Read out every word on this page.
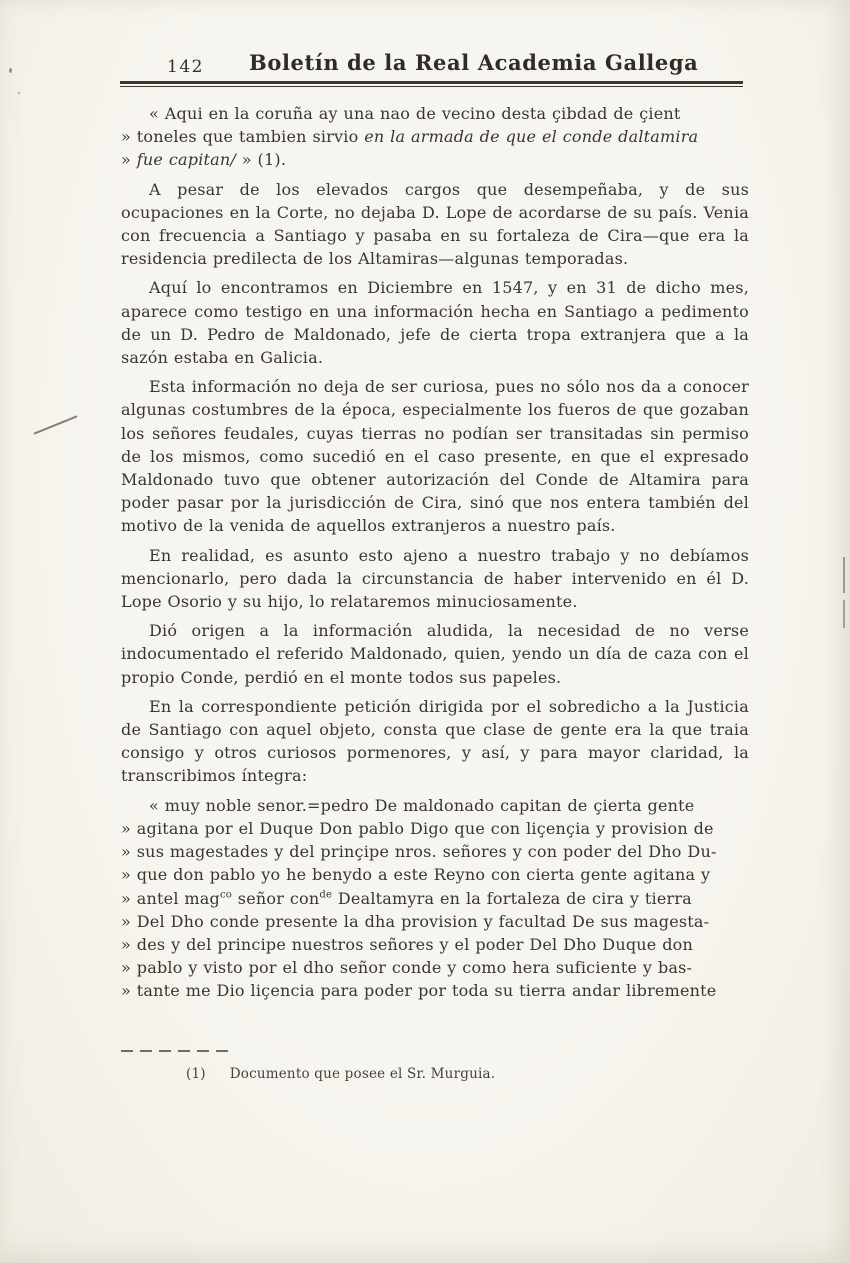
142 Boletín de la Real Academia Gallega
« Aqui en la coruña ay una nao de vecino desta çibdad de çient
» toneles que tambien sirvio en la armada de que el conde daltamira
» fue capitan/ » (1).

A pesar de los elevados cargos que desempeñaba, y de sus ocupaciones en la Corte, no dejaba D. Lope de acordarse de su país. Venia con frecuencia a Santiago y pasaba en su fortaleza de Cira—que era la residencia predilecta de los Altamiras—algunas temporadas.

Aquí lo encontramos en Diciembre en 1547, y en 31 de dicho mes, aparece como testigo en una información hecha en Santiago a pedimento de un D. Pedro de Maldonado, jefe de cierta tropa extranjera que a la sazón estaba en Galicia.

Esta información no deja de ser curiosa, pues no sólo nos da a conocer algunas costumbres de la época, especialmente los fueros de que gozaban los señores feudales, cuyas tierras no podían ser transitadas sin permiso de los mismos, como sucedió en el caso presente, en que el expresado Maldonado tuvo que obtener autorización del Conde de Altamira para poder pasar por la jurisdicción de Cira, sinó que nos entera también del motivo de la venida de aquellos extranjeros a nuestro país.

En realidad, es asunto esto ajeno a nuestro trabajo y no debíamos mencionarlo, pero dada la circunstancia de haber intervenido en él D. Lope Osorio y su hijo, lo relataremos minuciosamente.

Dió origen a la información aludida, la necesidad de no verse indocumentado el referido Maldonado, quien, yendo un día de caza con el propio Conde, perdió en el monte todos sus papeles.

En la correspondiente petición dirigida por el sobredicho a la Justicia de Santiago con aquel objeto, consta que clase de gente era la que traia consigo y otros curiosos pormenores, y así, y para mayor claridad, la transcribimos íntegra:

« muy noble senor.=pedro De maldonado capitan de çierta gente
» agitana por el Duque Don pablo Digo que con liçençia y provision de
» sus magestades y del prinçipe nros. señores y con poder del Dho Du-
» que don pablo yo he benydo a este Reyno con cierta gente agitana y
» antel mag$^{co}$ señor con$^{de}$ Dealtamyra en la fortaleza de cira y tierra
» Del Dho conde presente la dha provision y facultad De sus magesta-
» des y del principe nuestros señores y el poder Del Dho Duque don
» pablo y visto por el dho señor conde y como hera suficiente y bas-
» tante me Dio liçencia para poder por toda su tierra andar libremente
(1) Documento que posee el Sr. Murguia.
